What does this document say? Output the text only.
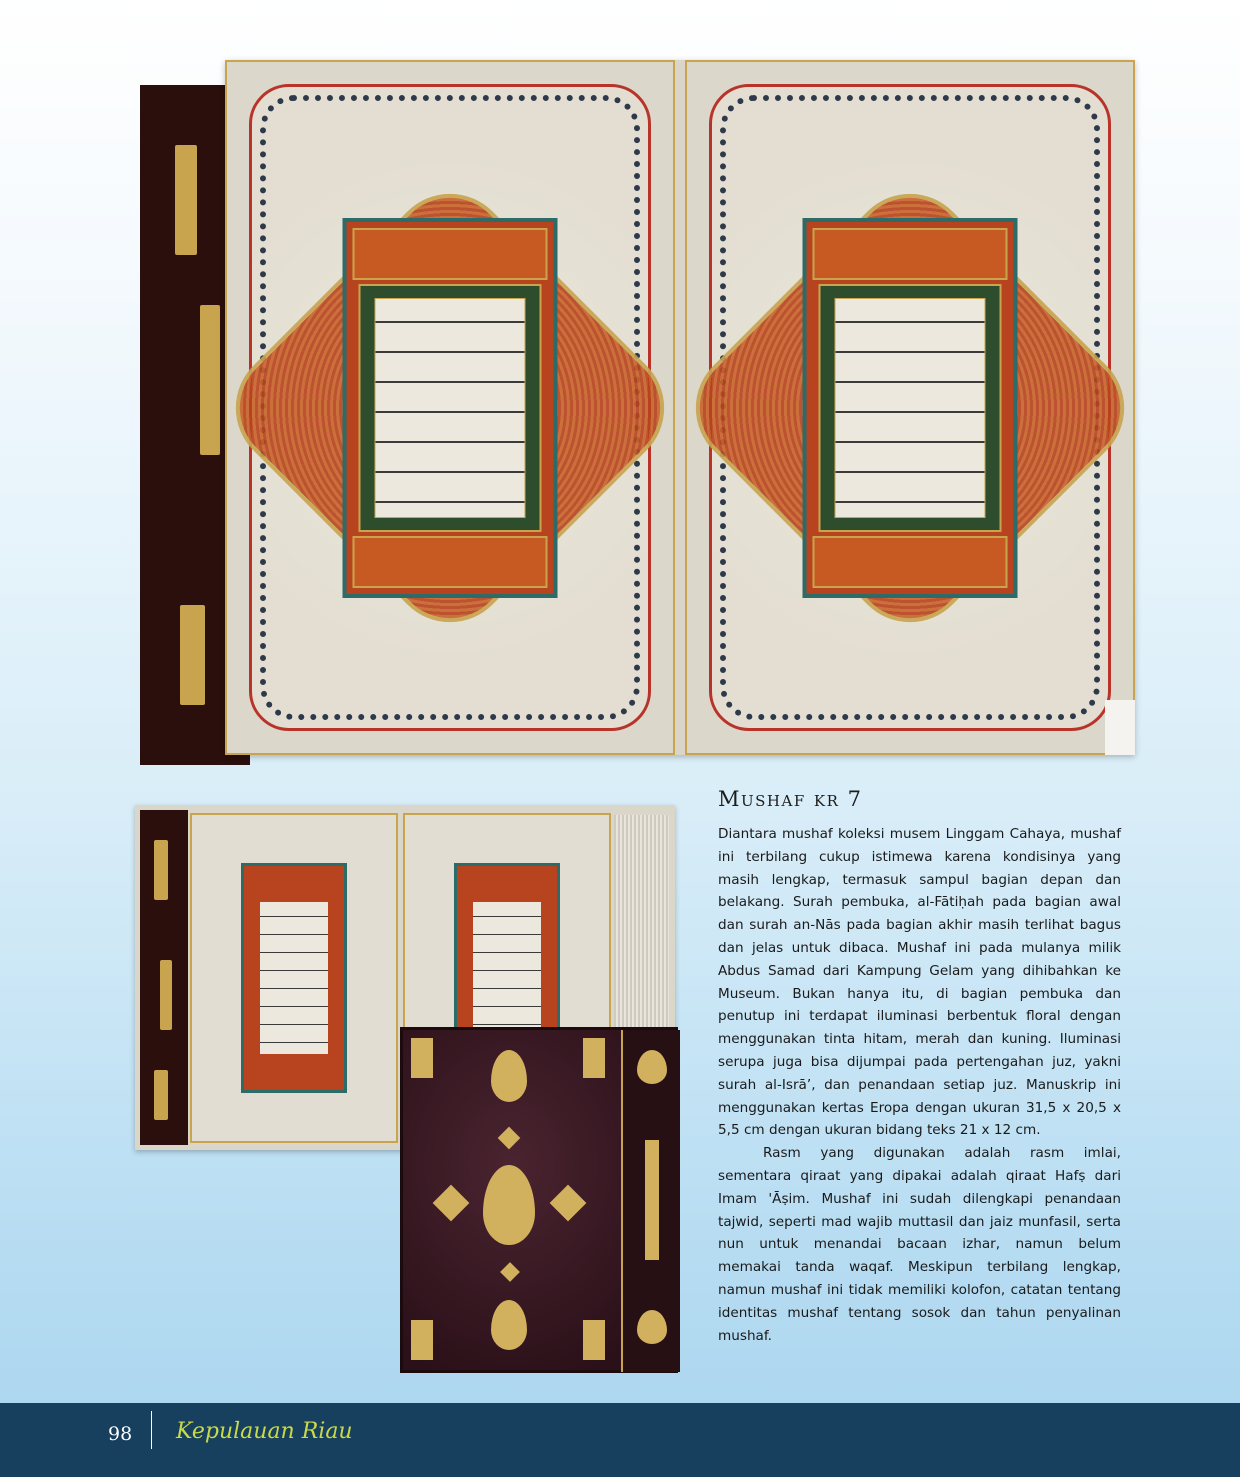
Mushaf kr 7

Diantara mushaf koleksi musem Linggam Cahaya, mushaf ini terbilang cukup istimewa karena kondisinya yang masih lengkap, termasuk sampul bagian depan dan belakang. Surah pembuka, al-Fātiḥah pada bagian awal dan surah an-Nās pada bagian akhir masih terlihat bagus dan jelas untuk dibaca. Mushaf ini pada mulanya milik Abdus Samad dari Kampung Gelam yang dihibahkan ke Museum. Bukan hanya itu, di bagian pembuka dan penutup ini terdapat iluminasi berbentuk floral dengan menggunakan tinta hitam, merah dan kuning. Iluminasi serupa juga bisa dijumpai pada pertengahan juz, yakni surah al-Isrā’, dan penandaan setiap juz. Manuskrip ini menggunakan kertas Eropa dengan ukuran 31,5 x 20,5 x 5,5 cm dengan ukuran bidang teks 21 x 12 cm.

Rasm yang digunakan adalah rasm imlai, sementara qiraat yang dipakai adalah qiraat Hafṣ dari Imam 'Āṣim. Mushaf ini sudah dilengkapi penandaan tajwid, seperti mad wajib muttasil dan jaiz munfasil, serta nun untuk menandai bacaan izhar, namun belum memakai tanda waqaf. Meskipun terbilang lengkap, namun mushaf ini tidak memiliki kolofon, catatan tentang identitas mushaf tentang sosok dan tahun penyalinan mushaf.

98 Kepulauan Riau
